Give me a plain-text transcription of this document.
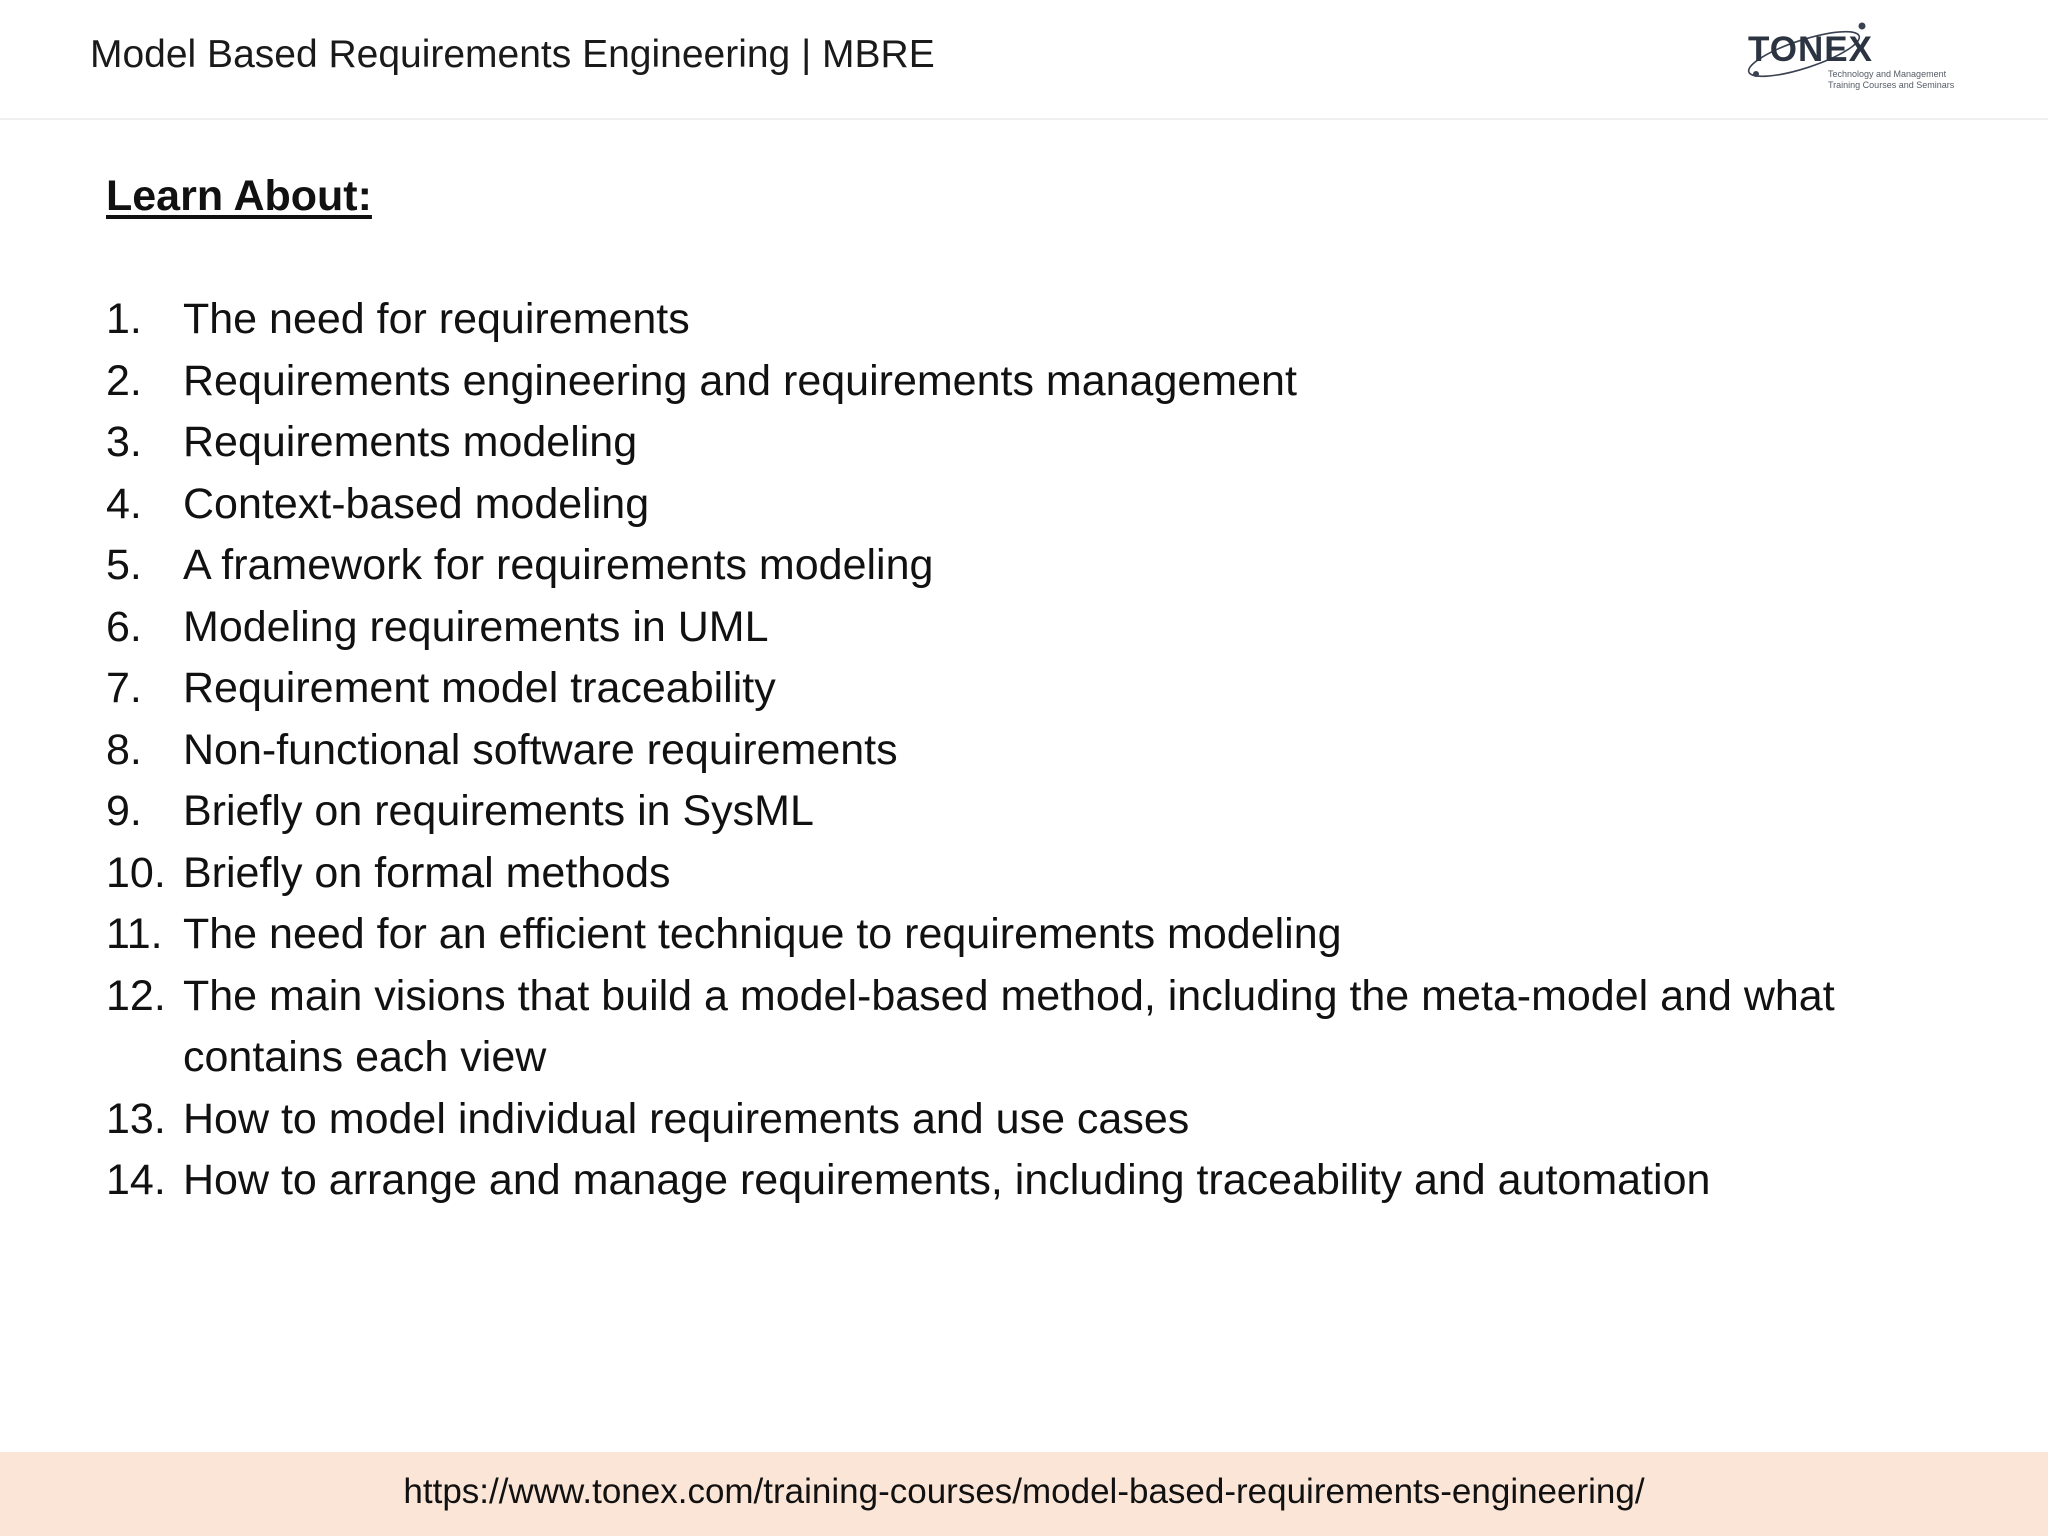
Model Based Requirements Engineering | MBRE	TONEX
Technology and Management
Training Courses and Seminars
Learn About:
1. The need for requirements
2. Requirements engineering and requirements management
3. Requirements modeling
4. Context-based modeling
5. A framework for requirements modeling
6. Modeling requirements in UML
7. Requirement model traceability
8. Non-functional software requirements
9. Briefly on requirements in SysML
10. Briefly on formal methods
11. The need for an efficient technique to requirements modeling
12. The main visions that build a model-based method, including the meta-model and what contains each view
13. How to model individual requirements and use cases
14. How to arrange and manage requirements, including traceability and automation
https://www.tonex.com/training-courses/model-based-requirements-engineering/
